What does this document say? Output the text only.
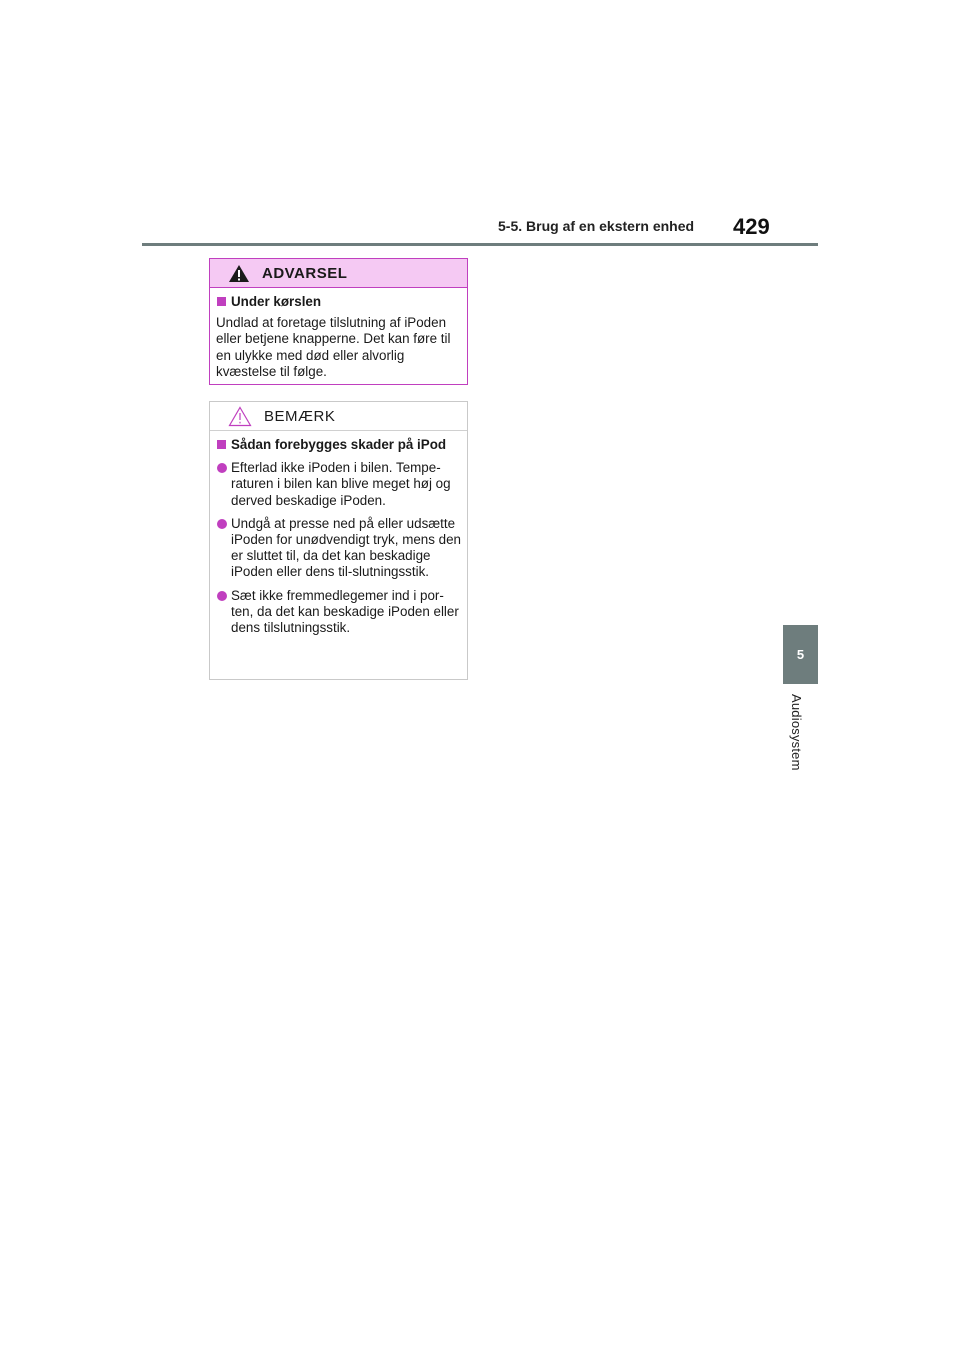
5-5. Brug af en ekstern enhed 429
5
Audiosystem
ADVARSEL
Under kørslen
Undlad at foretage tilslutning af iPoden eller betjene knapperne. Det kan føre til en ulykke med død eller alvorlig kvæstelse til følge.
BEMÆRK
Sådan forebygges skader på iPod
Efterlad ikke iPoden i bilen. Tempe-raturen i bilen kan blive meget høj og derved beskadige iPoden.
Undgå at presse ned på eller udsætte iPoden for unødvendigt tryk, mens den er sluttet til, da det kan beskadige iPoden eller dens til-slutningsstik.
Sæt ikke fremmedlegemer ind i por-ten, da det kan beskadige iPoden eller dens tilslutningsstik.
